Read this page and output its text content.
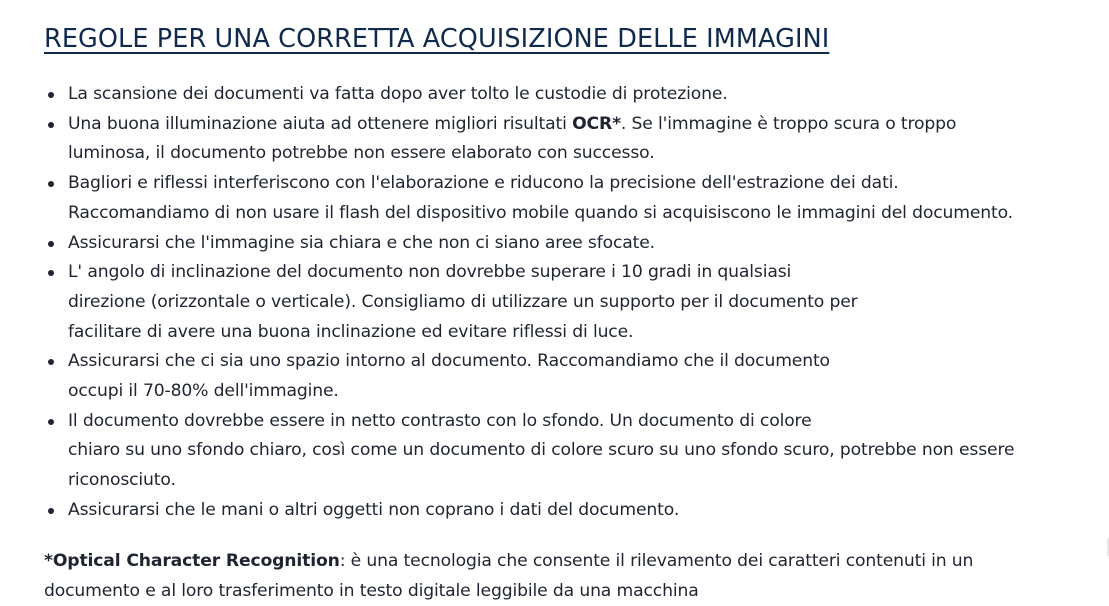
REGOLE PER UNA CORRETTA ACQUISIZIONE DELLE IMMAGINI
La scansione dei documenti va fatta dopo aver tolto le custodie di protezione.
Una buona illuminazione aiuta ad ottenere migliori risultati OCR*. Se l'immagine è troppo scura o troppo
luminosa, il documento potrebbe non essere elaborato con successo.
Bagliori e riflessi interferiscono con l'elaborazione e riducono la precisione dell'estrazione dei dati.
Raccomandiamo di non usare il flash del dispositivo mobile quando si acquisiscono le immagini del documento.
Assicurarsi che l'immagine sia chiara e che non ci siano aree sfocate.
L' angolo di inclinazione del documento non dovrebbe superare i 10 gradi in qualsiasi
direzione (orizzontale o verticale). Consigliamo di utilizzare un supporto per il documento per
facilitare di avere una buona inclinazione ed evitare riflessi di luce.
Assicurarsi che ci sia uno spazio intorno al documento. Raccomandiamo che il documento
occupi il 70-80% dell'immagine.
Il documento dovrebbe essere in netto contrasto con lo sfondo. Un documento di colore
chiaro su uno sfondo chiaro, così come un documento di colore scuro su uno sfondo scuro, potrebbe non essere
riconosciuto.
Assicurarsi che le mani o altri oggetti non coprano i dati del documento.

*Optical Character Recognition: è una tecnologia che consente il rilevamento dei caratteri contenuti in un
documento e al loro trasferimento in testo digitale leggibile da una macchina
